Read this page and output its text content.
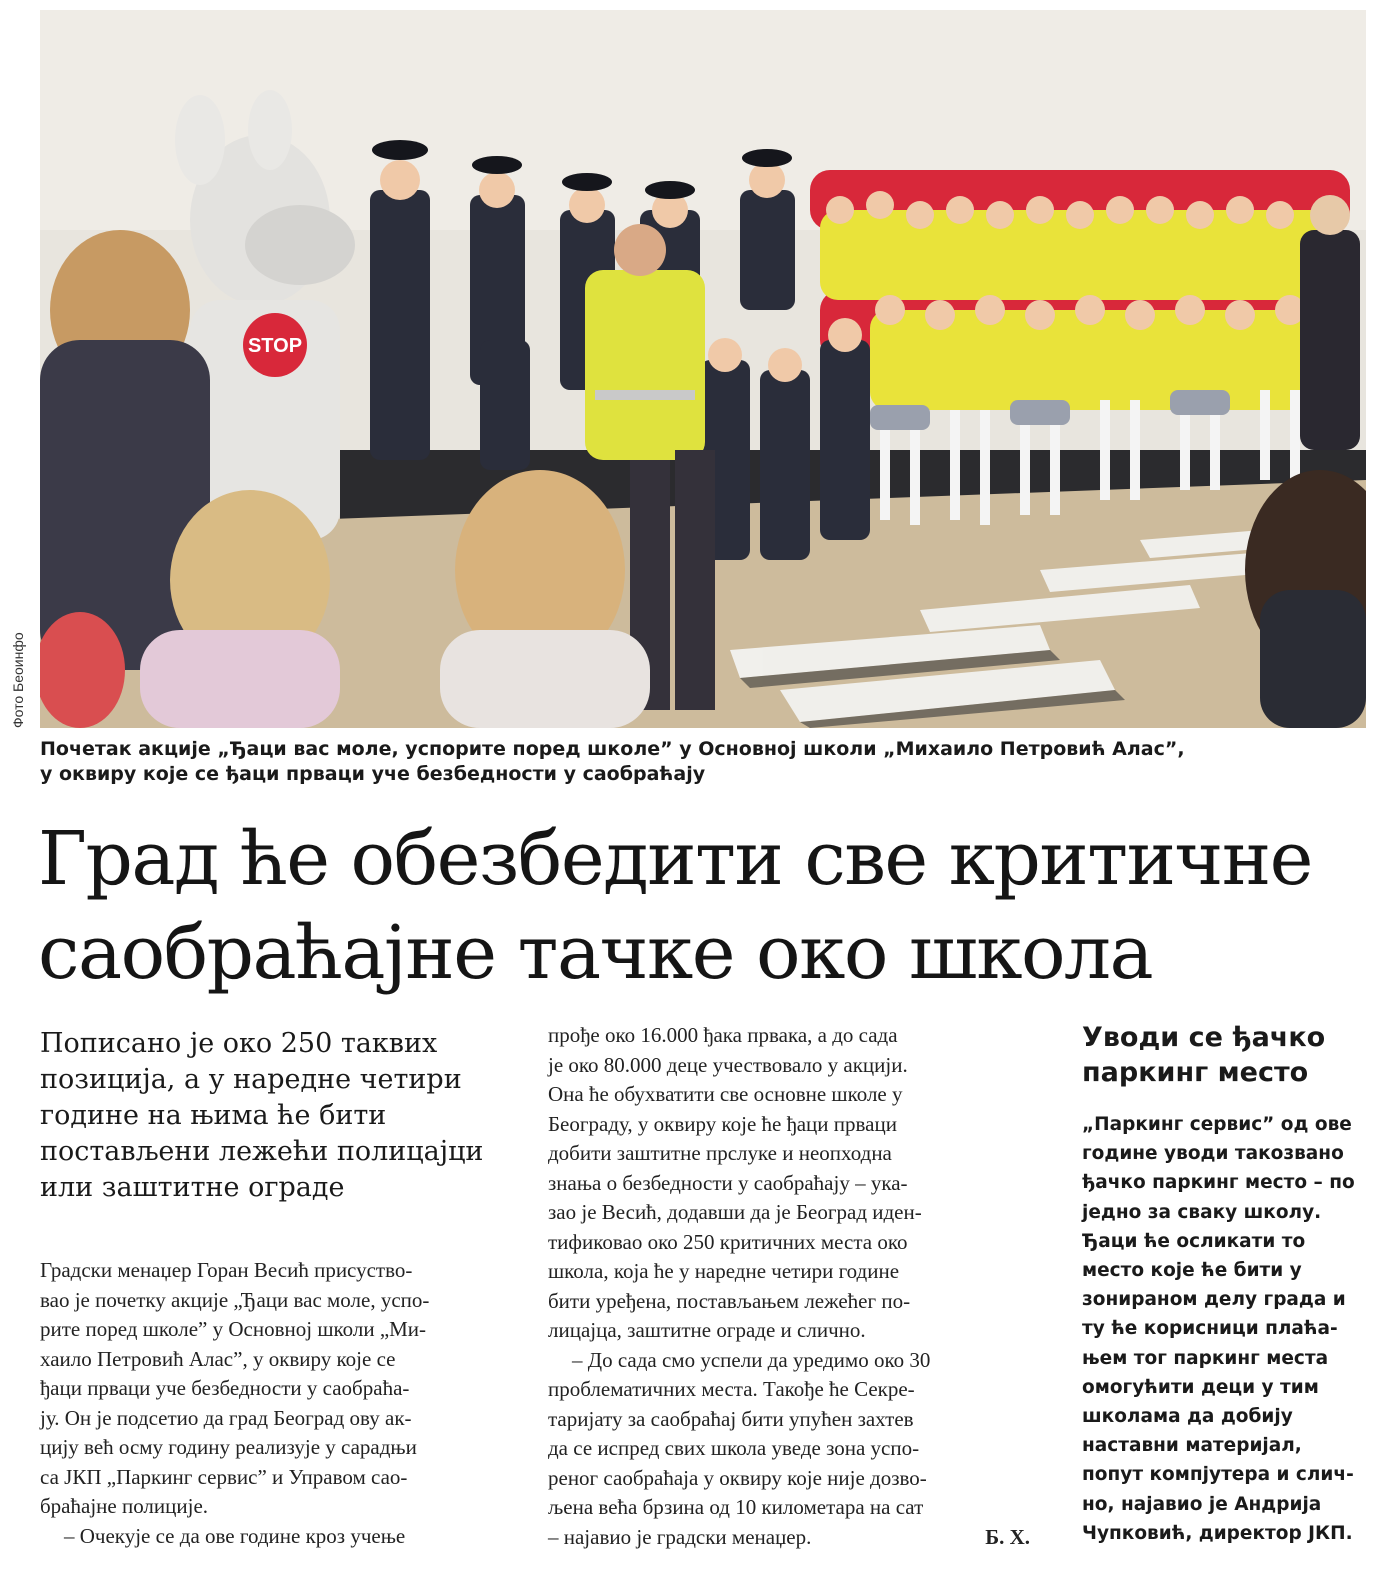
STOP
Фото Беоинфо
Почетак акције „Ђаци вас моле, успорите поред школе” у Основној школи „Михаило Петровић Алас”,
у оквиру које се ђаци прваци уче безбедности у саобраћају
Град ће обезбедити све критичне
саобраћајне тачке око школа
Пописано је око 250 таквих
позиција, а у наредне четири
године на њима ће бити
постављени лежећи полицајци
или заштитне ограде
Градски менаџер Горан Весић присуство-
вао је почетку акције „Ђаци вас моле, успо-
рите поред школе” у Основној школи „Ми-
хаило Петровић Алас”, у оквиру које се
ђаци прваци уче безбедности у саобраћа-
ју. Он је подсетио да град Београд ову ак-
цију већ осму годину реализује у сарадњи
са ЈКП „Паркинг сервис” и Управом сао-
браћајне полиције.
– Очекује се да ове године кроз учење
прође око 16.000 ђака првака, а до сада
је око 80.000 деце учествовало у акцији.
Она ће обухватити све основне школе у
Београду, у оквиру које ће ђаци прваци
добити заштитне прслуке и неопходна
знања о безбедности у саобраћају – ука-
зао је Весић, додавши да је Београд иден-
тификовао око 250 критичних места око
школа, која ће у наредне четири године
бити уређена, постављањем лежећег по-
лицајца, заштитне ограде и слично.
– До сада смо успели да уредимо око 30
проблематичних места. Такође ће Секре-
таријату за саобраћај бити упућен захтев
да се испред свих школа уведе зона успо-
реног саобраћаја у оквиру које није дозво-
љена већа брзина од 10 километара на сат
Б. Х.
– најавио је градски менаџер.
Уводи се ђачко
паркинг место
„Паркинг сервис” од ове
године уводи такозвано
ђачко паркинг место – по
једно за сваку школу.
Ђаци ће осликати то
место које ће бити у
зонираном делу града и
ту ће корисници плаћа-
њем тог паркинг места
омогућити деци у тим
школама да добију
наставни материјал,
попут компјутера и слич-
но, најавио је Андрија
Чупковић, директор ЈКП.
